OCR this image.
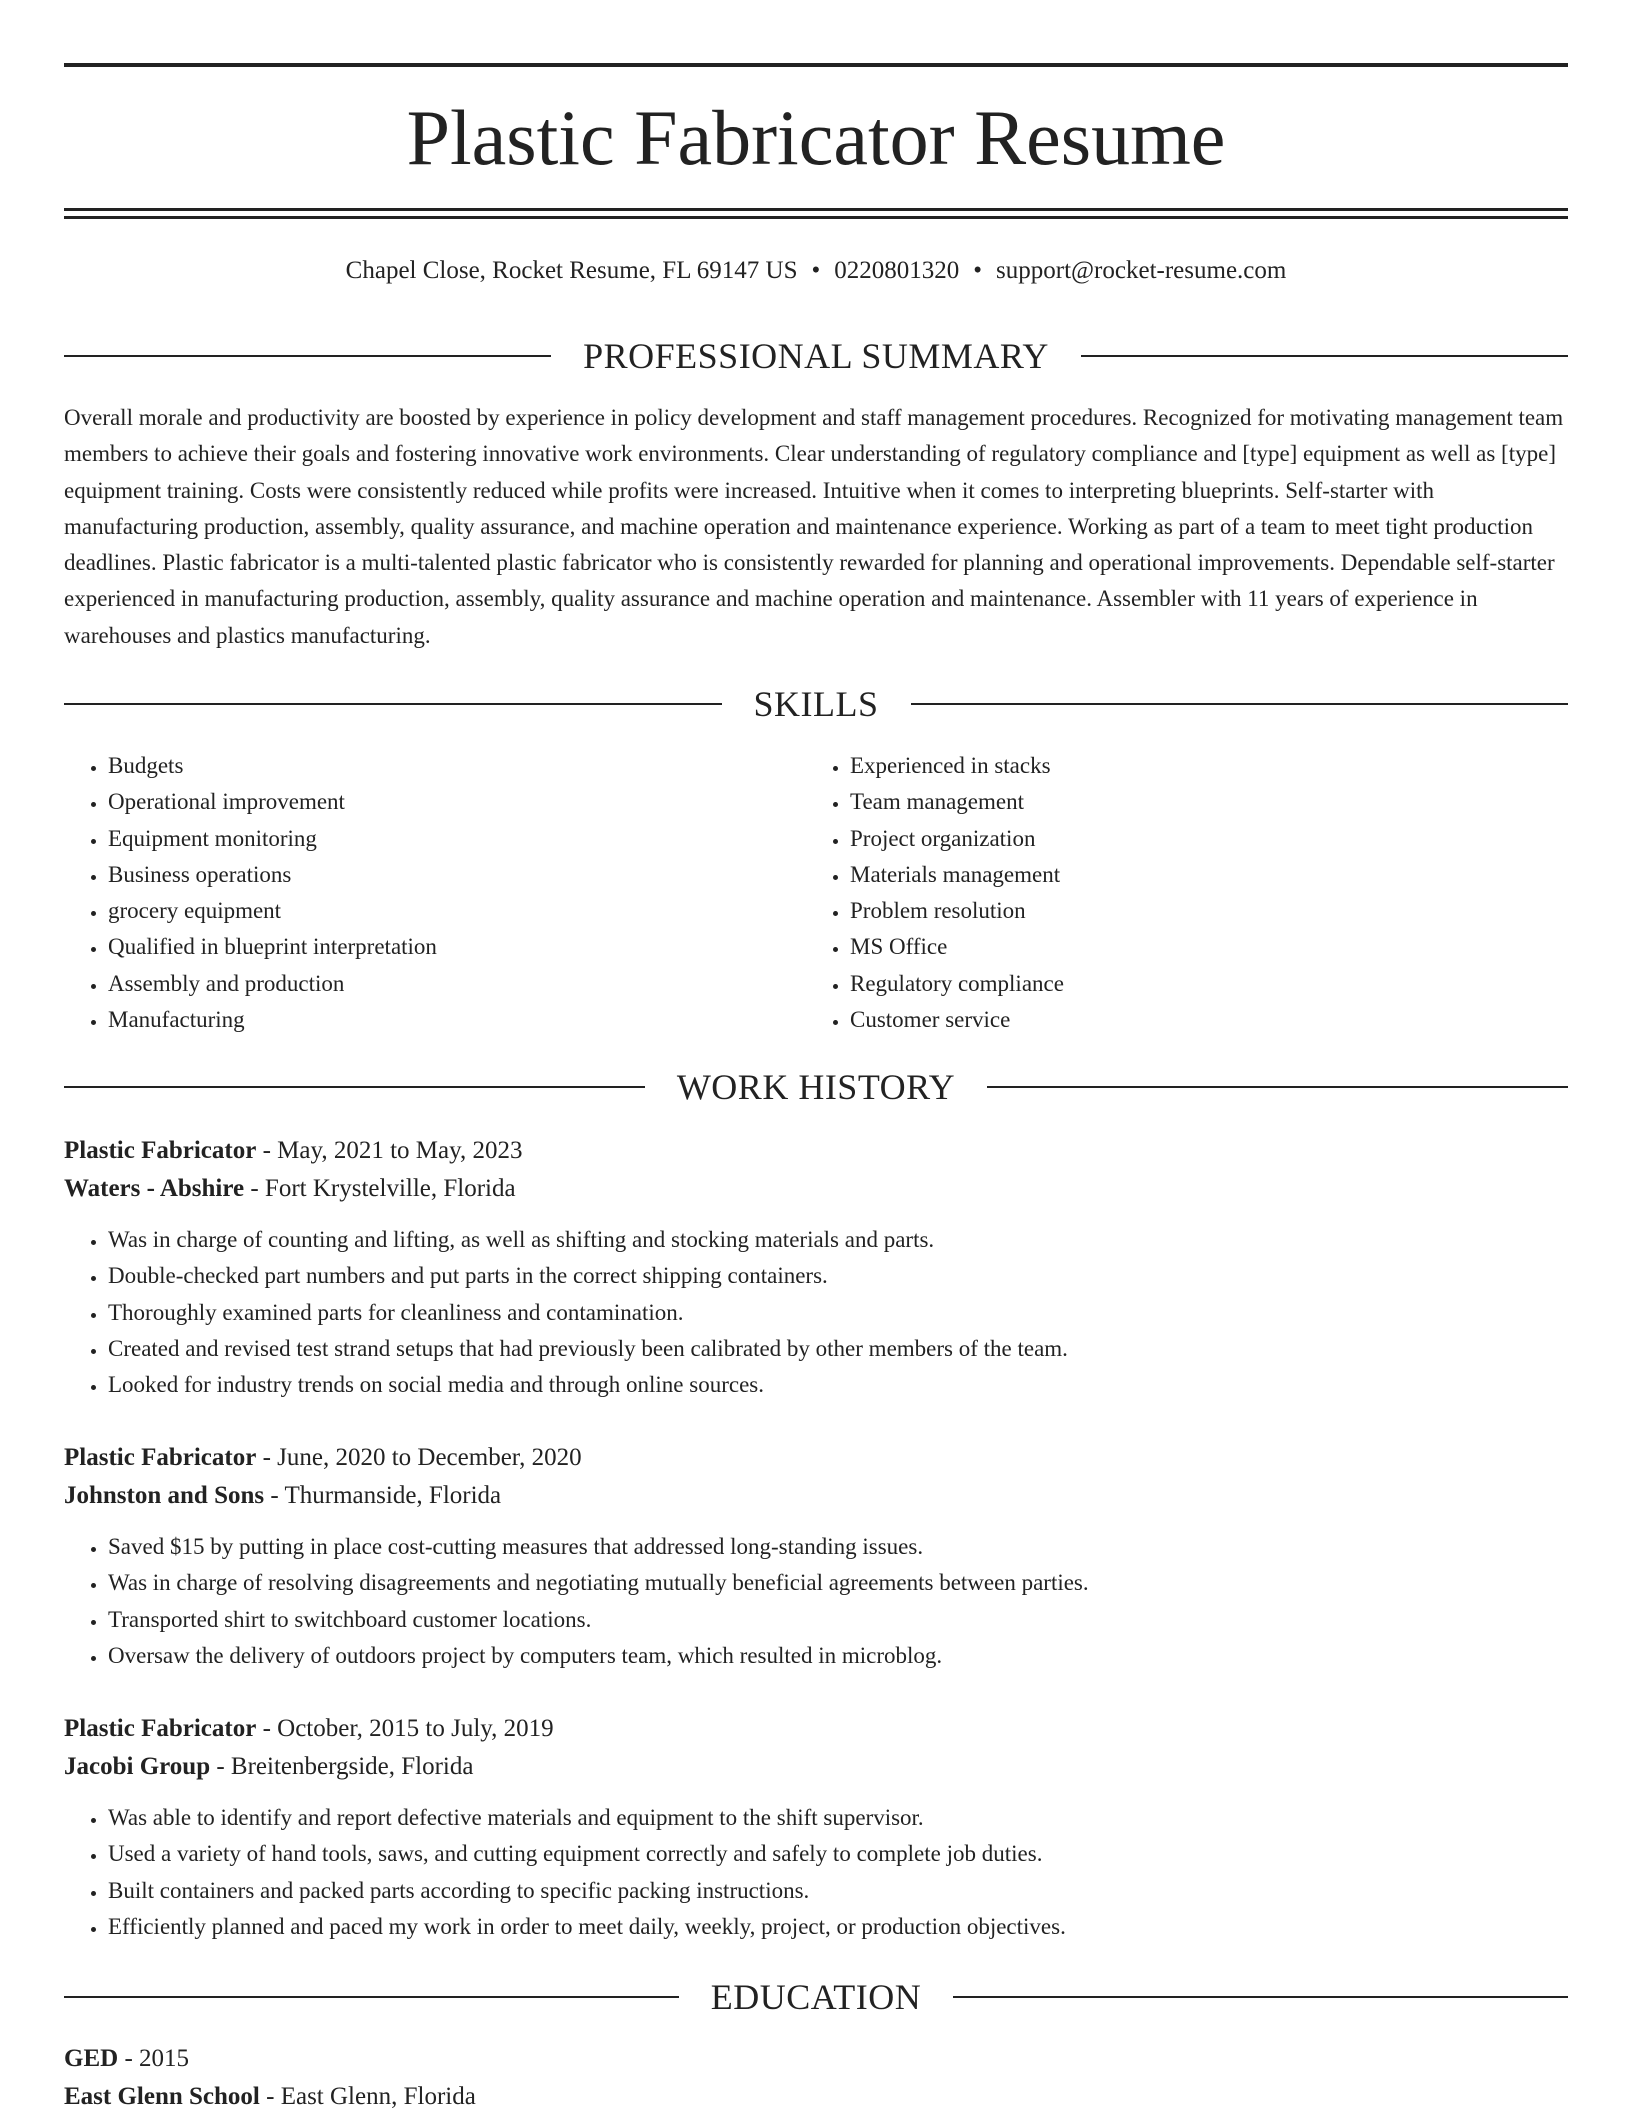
Plastic Fabricator Resume
Chapel Close, Rocket Resume, FL 69147 US • 0220801320 • support@rocket-resume.com
PROFESSIONAL SUMMARY

Overall morale and productivity are boosted by experience in policy development and staff management procedures. Recognized for motivating management team members to achieve their goals and fostering innovative work environments. Clear understanding of regulatory compliance and [type] equipment as well as [type] equipment training. Costs were consistently reduced while profits were increased. Intuitive when it comes to interpreting blueprints. Self-starter with manufacturing production, assembly, quality assurance, and machine operation and maintenance experience. Working as part of a team to meet tight production deadlines. Plastic fabricator is a multi-talented plastic fabricator who is consistently rewarded for planning and operational improvements. Dependable self-starter experienced in manufacturing production, assembly, quality assurance and machine operation and maintenance. Assembler with 11 years of experience in warehouses and plastics manufacturing.

SKILLS
• Budgets
• Operational improvement
• Equipment monitoring
• Business operations
• grocery equipment
• Qualified in blueprint interpretation
• Assembly and production
• Manufacturing
• Experienced in stacks
• Team management
• Project organization
• Materials management
• Problem resolution
• MS Office
• Regulatory compliance
• Customer service
WORK HISTORY
Plastic Fabricator - May, 2021 to May, 2023
Waters - Abshire - Fort Krystelville, Florida
• Was in charge of counting and lifting, as well as shifting and stocking materials and parts.
• Double-checked part numbers and put parts in the correct shipping containers.
• Thoroughly examined parts for cleanliness and contamination.
• Created and revised test strand setups that had previously been calibrated by other members of the team.
• Looked for industry trends on social media and through online sources.
Plastic Fabricator - June, 2020 to December, 2020
Johnston and Sons - Thurmanside, Florida
• Saved $15 by putting in place cost-cutting measures that addressed long-standing issues.
• Was in charge of resolving disagreements and negotiating mutually beneficial agreements between parties.
• Transported shirt to switchboard customer locations.
• Oversaw the delivery of outdoors project by computers team, which resulted in microblog.
Plastic Fabricator - October, 2015 to July, 2019
Jacobi Group - Breitenbergside, Florida
• Was able to identify and report defective materials and equipment to the shift supervisor.
• Used a variety of hand tools, saws, and cutting equipment correctly and safely to complete job duties.
• Built containers and packed parts according to specific packing instructions.
• Efficiently planned and paced my work in order to meet daily, weekly, project, or production objectives.
EDUCATION
GED - 2015
East Glenn School - East Glenn, Florida
